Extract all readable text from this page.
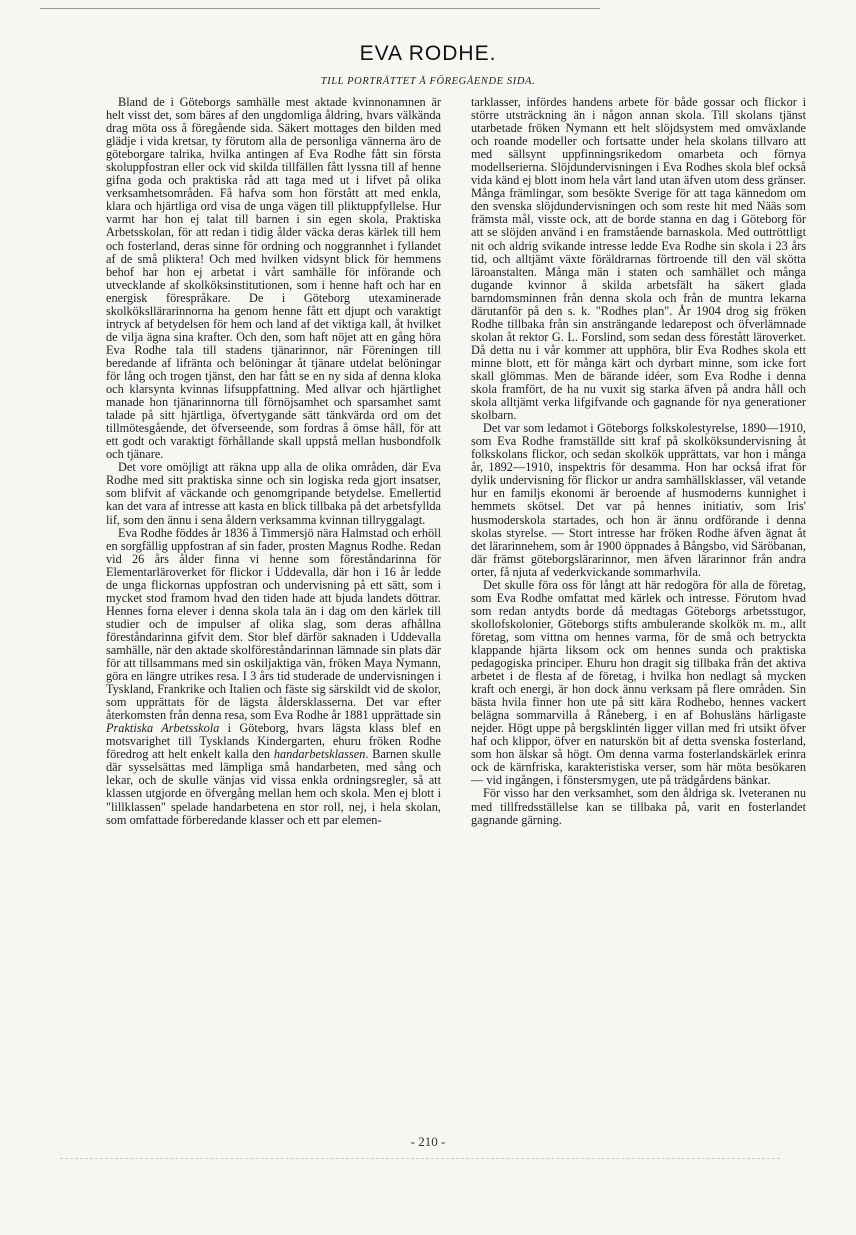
EVA RODHE.
TILL PORTRÄTTET Å FÖREGÅENDE SIDA.

Bland de i Göteborgs samhälle mest aktade kvinnonamnen är helt visst det, som bäres af den ungdomliga åldring, hvars välkända drag möta oss å föregående sida. Säkert mottages den bilden med glädje i vida kretsar, ty förutom alla de personliga vännerna äro de göteborgare talrika, hvilka antingen af Eva Rodhe fått sin första skoluppfostran eller ock vid skilda tillfällen fått lyssna till af henne gifna goda och praktiska råd att taga med ut i lifvet på olika verksamhetsområden. Få hafva som hon förstått att med enkla, klara och hjärtliga ord visa de unga vägen till pliktuppfyllelse. Hur varmt har hon ej talat till barnen i sin egen skola, Praktiska Arbetsskolan, för att redan i tidig ålder väcka deras kärlek till hem och fosterland, deras sinne för ordning och noggrannhet i fyllandet af de små pliktera! Och med hvilken vidsynt blick för hemmens behof har hon ej arbetat i vårt samhälle för införande och utvecklande af skolköksinstitutionen, som i henne haft och har en energisk förespråkare. De i Göteborg utexaminerade skolköksllärarinnorna ha genom henne fått ett djupt och varaktigt intryck af betydelsen för hem och land af det viktiga kall, åt hvilket de vilja ägna sina krafter. Och den, som haft nöjet att en gång höra Eva Rodhe tala till stadens tjänarinnor, när Föreningen till beredande af lifränta och belöningar åt tjänare utdelat belöningar för lång och trogen tjänst, den har fått se en ny sida af denna kloka och klarsynta kvinnas lifsuppfattning. Med allvar och hjärtlighet manade hon tjänarinnorna till förnöjsamhet och sparsamhet samt talade på sitt hjärtliga, öfvertygande sätt tänkvärda ord om det tillmötesgående, det öfverseende, som fordras å ömse håll, för att ett godt och varaktigt förhållande skall uppstå mellan husbondfolk och tjänare.

Det vore omöjligt att räkna upp alla de olika områden, där Eva Rodhe med sitt praktiska sinne och sin logiska reda gjort insatser, som blifvit af väckande och genomgripande betydelse. Emellertid kan det vara af intresse att kasta en blick tillbaka på det arbetsfyllda lif, som den ännu i sena åldern verksamma kvinnan tillryggalagt.

Eva Rodhe föddes år 1836 å Timmersjö nära Halmstad och erhöll en sorgfällig uppfostran af sin fader, prosten Magnus Rodhe. Redan vid 26 års ålder finna vi henne som föreståndarinna för Elementarläroverket för flickor i Uddevalla, där hon i 16 år ledde de unga flickornas uppfostran och undervisning på ett sätt, som i mycket stod framom hvad den tiden hade att bjuda landets döttrar. Hennes forna elever i denna skola tala än i dag om den kärlek till studier och de impulser af olika slag, som deras afhållna föreståndarinna gifvit dem. Stor blef därför saknaden i Uddevalla samhälle, när den aktade skolföreståndarinnan lämnade sin plats där för att tillsammans med sin oskiljaktiga vän, fröken Maya Nymann, göra en längre utrikes resa. I 3 års tid studerade de undervisningen i Tyskland, Frankrike och Italien och fäste sig särskildt vid de skolor, som upprättats för de lägsta åldersklasserna. Det var efter återkomsten från denna resa, som Eva Rodhe år 1881 upprättade sin Praktiska Arbetsskola i Göteborg, hvars lägsta klass blef en motsvarighet till Tysklands Kindergarten, ehuru fröken Rodhe föredrog att helt enkelt kalla den handarbetsklassen. Barnen skulle där sysselsättas med lämpliga små handarbeten, med sång och lekar, och de skulle vänjas vid vissa enkla ordningsregler, så att klassen utgjorde en öfvergång mellan hem och skola. Men ej blott i "lillklassen" spelade handarbetena en stor roll, nej, i hela skolan, som omfattade förberedande klasser och ett par elemen-

tarklasser, infördes handens arbete för både gossar och flickor i större utsträckning än i någon annan skola. Till skolans tjänst utarbetade fröken Nymann ett helt slöjdsystem med omväxlande och roande modeller och fortsatte under hela skolans tillvaro att med sällsynt uppfinningsrikedom omarbeta och förnya modellserierna. Slöjdundervisningen i Eva Rodhes skola blef också vida känd ej blott inom hela vårt land utan äfven utom dess gränser. Många främlingar, som besökte Sverige för att taga kännedom om den svenska slöjdundervisningen och som reste hit med Nääs som främsta mål, visste ock, att de borde stanna en dag i Göteborg för att se slöjden använd i en framstående barnaskola. Med outtröttligt nit och aldrig svikande intresse ledde Eva Rodhe sin skola i 23 års tid, och alltjämt växte föräldrarnas förtroende till den väl skötta läroanstalten. Många män i staten och samhället och många dugande kvinnor å skilda arbetsfält ha säkert glada barndomsminnen från denna skola och från de muntra lekarna därutanför på den s. k. "Rodhes plan". År 1904 drog sig fröken Rodhe tillbaka från sin ansträngande ledarepost och öfverlämnade skolan åt rektor G. L. Forslind, som sedan dess förestått läroverket. Då detta nu i vår kommer att upphöra, blir Eva Rodhes skola ett minne blott, ett för många kärt och dyrbart minne, som icke fort skall glömmas. Men de bärande idéer, som Eva Rodhe i denna skola framfört, de ha nu vuxit sig starka äfven på andra håll och skola alltjämt verka lifgifvande och gagnande för nya generationer skolbarn.

Det var som ledamot i Göteborgs folkskolestyrelse, 1890—1910, som Eva Rodhe framställde sitt kraf på skolköksundervisning åt folkskolans flickor, och sedan skolkök upprättats, var hon i många år, 1892—1910, inspektris för desamma. Hon har också ifrat för dylik undervisning för flickor ur andra samhällsklasser, väl vetande hur en familjs ekonomi är beroende af husmoderns kunnighet i hemmets skötsel. Det var på hennes initiativ, som Iris' husmoderskola startades, och hon är ännu ordförande i denna skolas styrelse. — Stort intresse har fröken Rodhe äfven ägnat åt det lärarinnehem, som år 1900 öppnades å Bångsbo, vid Säröbanan, där främst göteborgslärarinnor, men äfven lärarinnor från andra orter, få njuta af vederkvickande sommarhvila.

Det skulle föra oss för långt att här redogöra för alla de företag, som Eva Rodhe omfattat med kärlek och intresse. Förutom hvad som redan antydts borde då medtagas Göteborgs arbetsstugor, skollofskolonier, Göteborgs stifts ambulerande skolkök m. m., allt företag, som vittna om hennes varma, för de små och betryckta klappande hjärta liksom ock om hennes sunda och praktiska pedagogiska principer. Ehuru hon dragit sig tillbaka från det aktiva arbetet i de flesta af de företag, i hvilka hon nedlagt så mycken kraft och energi, är hon dock ännu verksam på flere områden. Sin bästa hvila finner hon ute på sitt kära Rodhebo, hennes vackert belägna sommarvilla å Råneberg, i en af Bohusläns härligaste nejder. Högt uppe på bergsklintén ligger villan med fri utsikt öfver haf och klippor, öfver en naturskön bit af detta svenska fosterland, som hon älskar så högt. Om denna varma fosterlandskärlek erinra ock de kärnfriska, karakteristiska verser, som här möta besökaren — vid ingången, i fönstersmygen, ute på trädgårdens bänkar.

För visso har den verksamhet, som den åldriga sk. lveteranen nu med tillfredsställelse kan se tillbaka på, varit en fosterlandet gagnande gärning.

- 210 -
